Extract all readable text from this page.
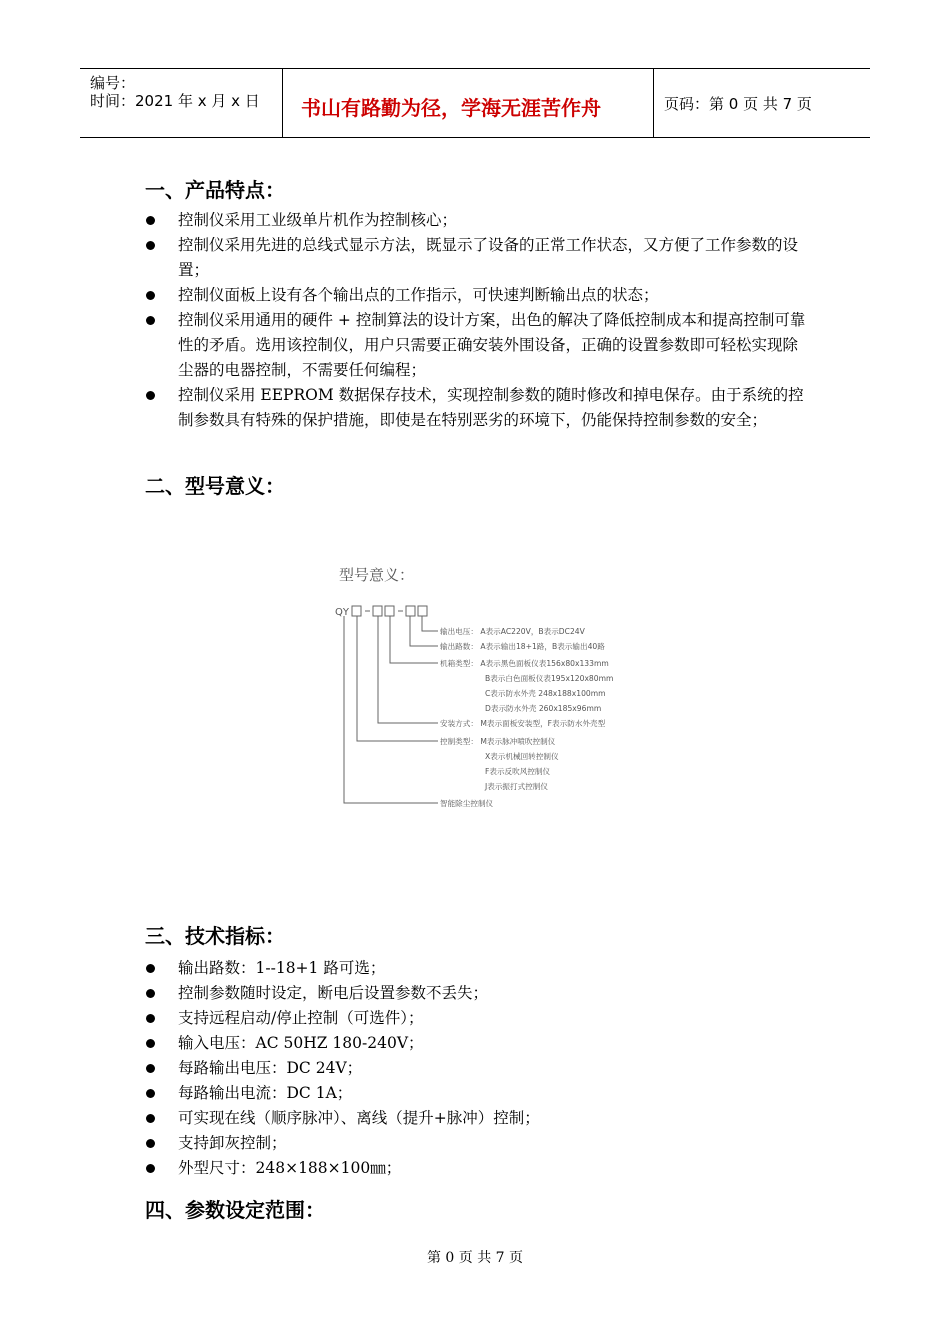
编号：
时间：2021 年 x 月 x 日 书山有路勤为径，学海无涯苦作舟	页码：第 0 页 共 7 页
一、产品特点：
控制仪采用工业级单片机作为控制核心；
控制仪采用先进的总线式显示方法，既显示了设备的正常工作状态，又方便了工作参数的设置；
控制仪面板上设有各个输出点的工作指示，可快速判断输出点的状态；
控制仪采用通用的硬件 + 控制算法的设计方案，出色的解决了降低控制成本和提高控制可靠性的矛盾。选用该控制仪，用户只需要正确安装外围设备，正确的设置参数即可轻松实现除尘器的电器控制，不需要任何编程；
控制仪采用 EEPROM 数据保存技术，实现控制参数的随时修改和掉电保存。由于系统的控制参数具有特殊的保护措施，即使是在特别恶劣的环境下，仍能保持控制参数的安全；
二、型号意义：
型号意义：
QY
输出电压： A表示AC220V，B表示DC24V
输出路数： A表示输出18+1路，B表示输出40路
机箱类型： A表示黑色面板仪表156x80x133mm
B表示白色面板仪表195x120x80mm
C表示防水外壳 248x188x100mm
D表示防水外壳 260x185x96mm
安装方式： M表示面板安装型，F表示防水外壳型
控制类型： M表示脉冲喷吹控制仪
X表示机械回转控制仪
F表示反吹风控制仪
J表示振打式控制仪
智能除尘控制仪
三、技术指标：
输出路数：1--18+1 路可选；
控制参数随时设定，断电后设置参数不丢失；
支持远程启动/停止控制（可选件）；
输入电压：AC 50HZ 180-240V；
每路输出电压：DC 24V；
每路输出电流：DC 1A；
可实现在线（顺序脉冲）、离线（提升+脉冲）控制；
支持卸灰控制；
外型尺寸：248×188×100㎜；
四、参数设定范围：
第 0 页 共 7 页
